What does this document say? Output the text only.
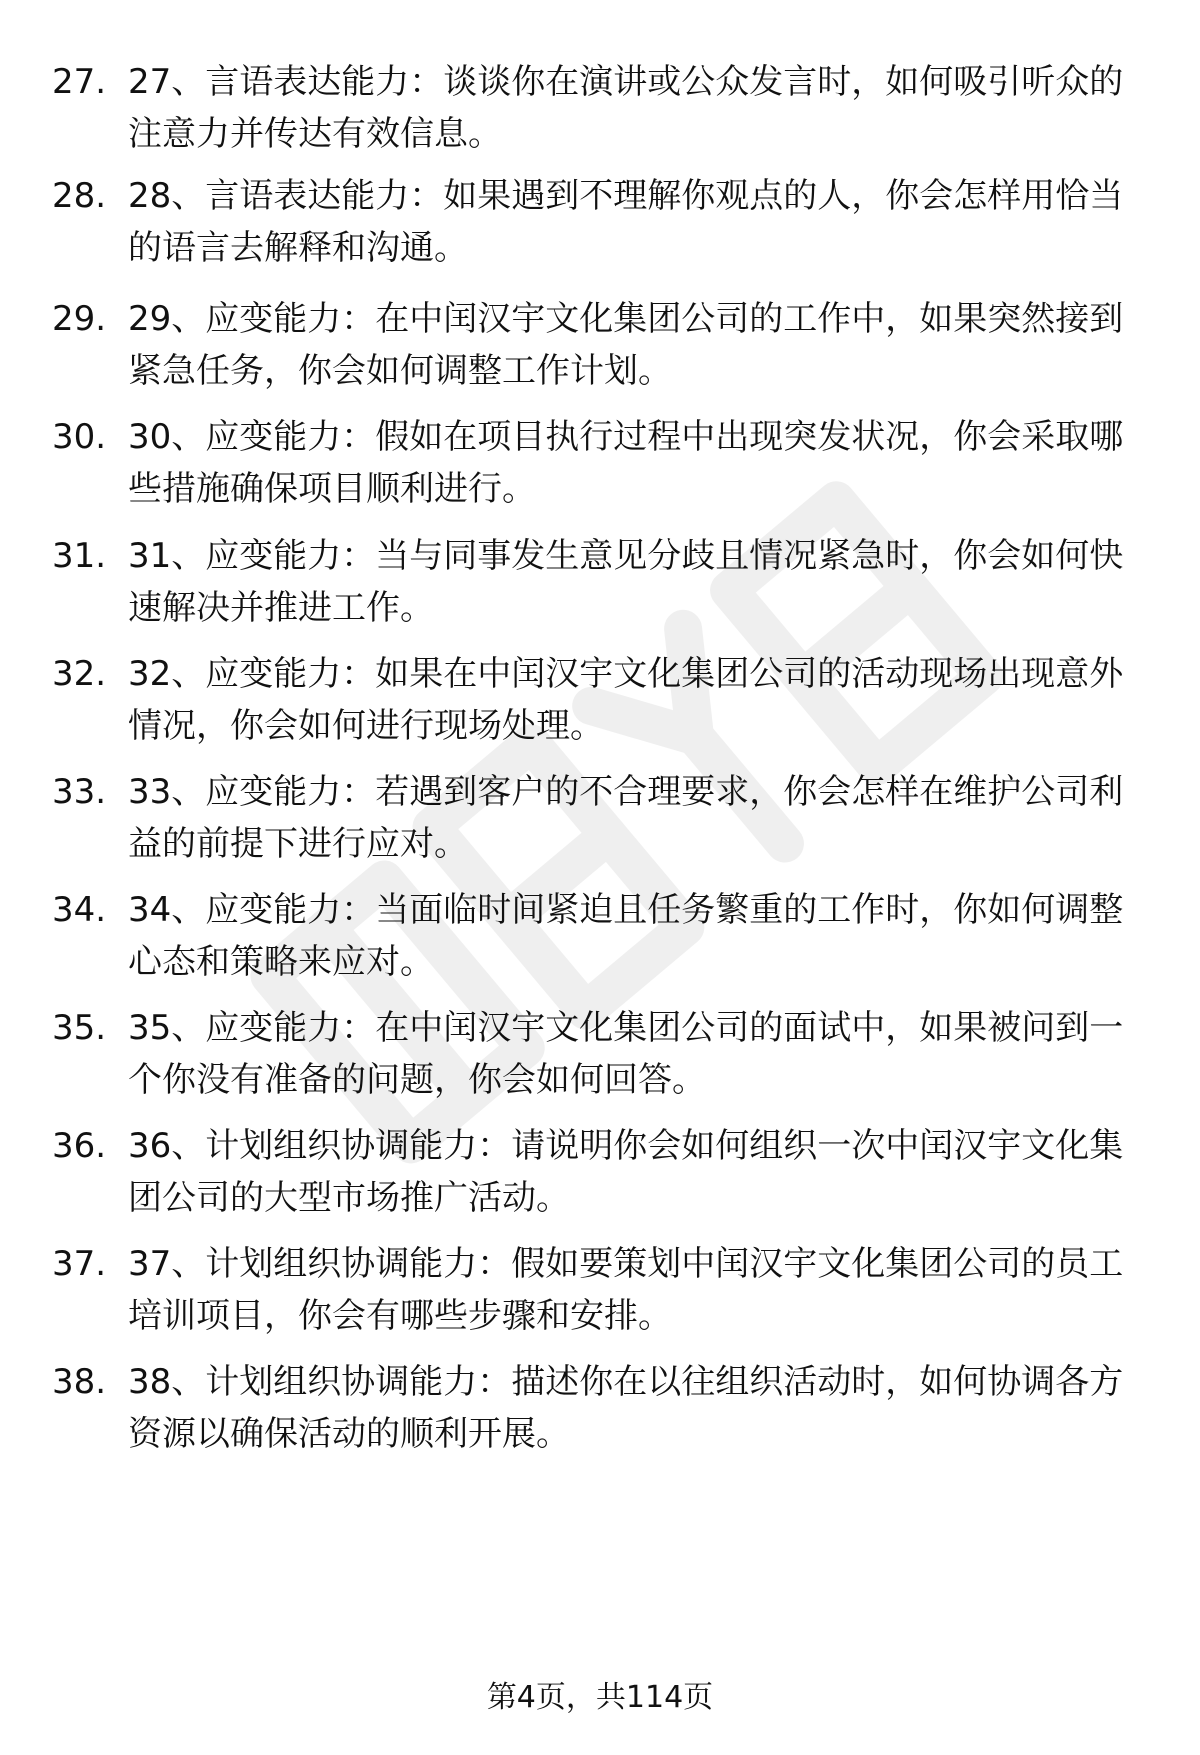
27. 27、言语表达能力：谈谈你在演讲或公众发言时，如何吸引听众的注意力并传达有效信息。
28. 28、言语表达能力：如果遇到不理解你观点的人，你会怎样用恰当的语言去解释和沟通。
29. 29、应变能力：在中闰汉宇文化集团公司的工作中，如果突然接到紧急任务，你会如何调整工作计划。
30. 30、应变能力：假如在项目执行过程中出现突发状况，你会采取哪些措施确保项目顺利进行。
31. 31、应变能力：当与同事发生意见分歧且情况紧急时，你会如何快速解决并推进工作。
32. 32、应变能力：如果在中闰汉宇文化集团公司的活动现场出现意外情况，你会如何进行现场处理。
33. 33、应变能力：若遇到客户的不合理要求，你会怎样在维护公司利益的前提下进行应对。
34. 34、应变能力：当面临时间紧迫且任务繁重的工作时，你如何调整心态和策略来应对。
35. 35、应变能力：在中闰汉宇文化集团公司的面试中，如果被问到一个你没有准备的问题，你会如何回答。
36. 36、计划组织协调能力：请说明你会如何组织一次中闰汉宇文化集团公司的大型市场推广活动。
37. 37、计划组织协调能力：假如要策划中闰汉宇文化集团公司的员工培训项目，你会有哪些步骤和安排。
38. 38、计划组织协调能力：描述你在以往组织活动时，如何协调各方资源以确保活动的顺利开展。
第4页，共114页
